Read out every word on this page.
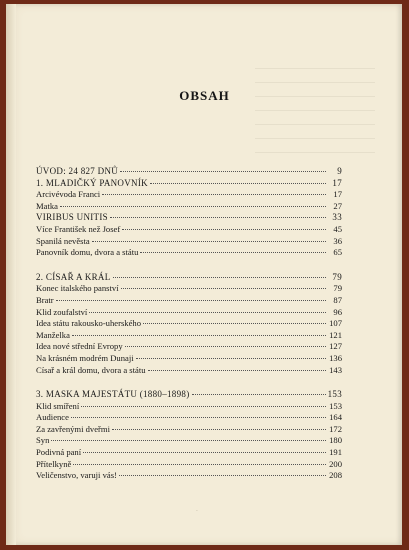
OBSAH
ÚVOD: 24 827 DNŮ	9
1. MLADIČKÝ PANOVNÍK	17
Arcivévoda Franci	17
Matka	27
VIRIBUS UNITIS	33
Více František než Josef	45
Spanilá nevěsta	36
Panovník domu, dvora a státu	65
2. CÍSAŘ A KRÁL	79
Konec italského panství	79
Bratr	87
Klid zoufalství	96
Idea státu rakousko-uherského	107
Manželka	121
Idea nové střední Evropy	127
Na krásném modrém Dunaji	136
Císař a král domu, dvora a státu	143
3. MASKA MAJESTÁTU (1880–1898)	153
Klid smíření	153
Audience	164
Za zavřenými dveřmi	172
Syn	180
Podivná paní	191
Přítelkyně	200
Veličenstvo, varuji vás!	208
·
